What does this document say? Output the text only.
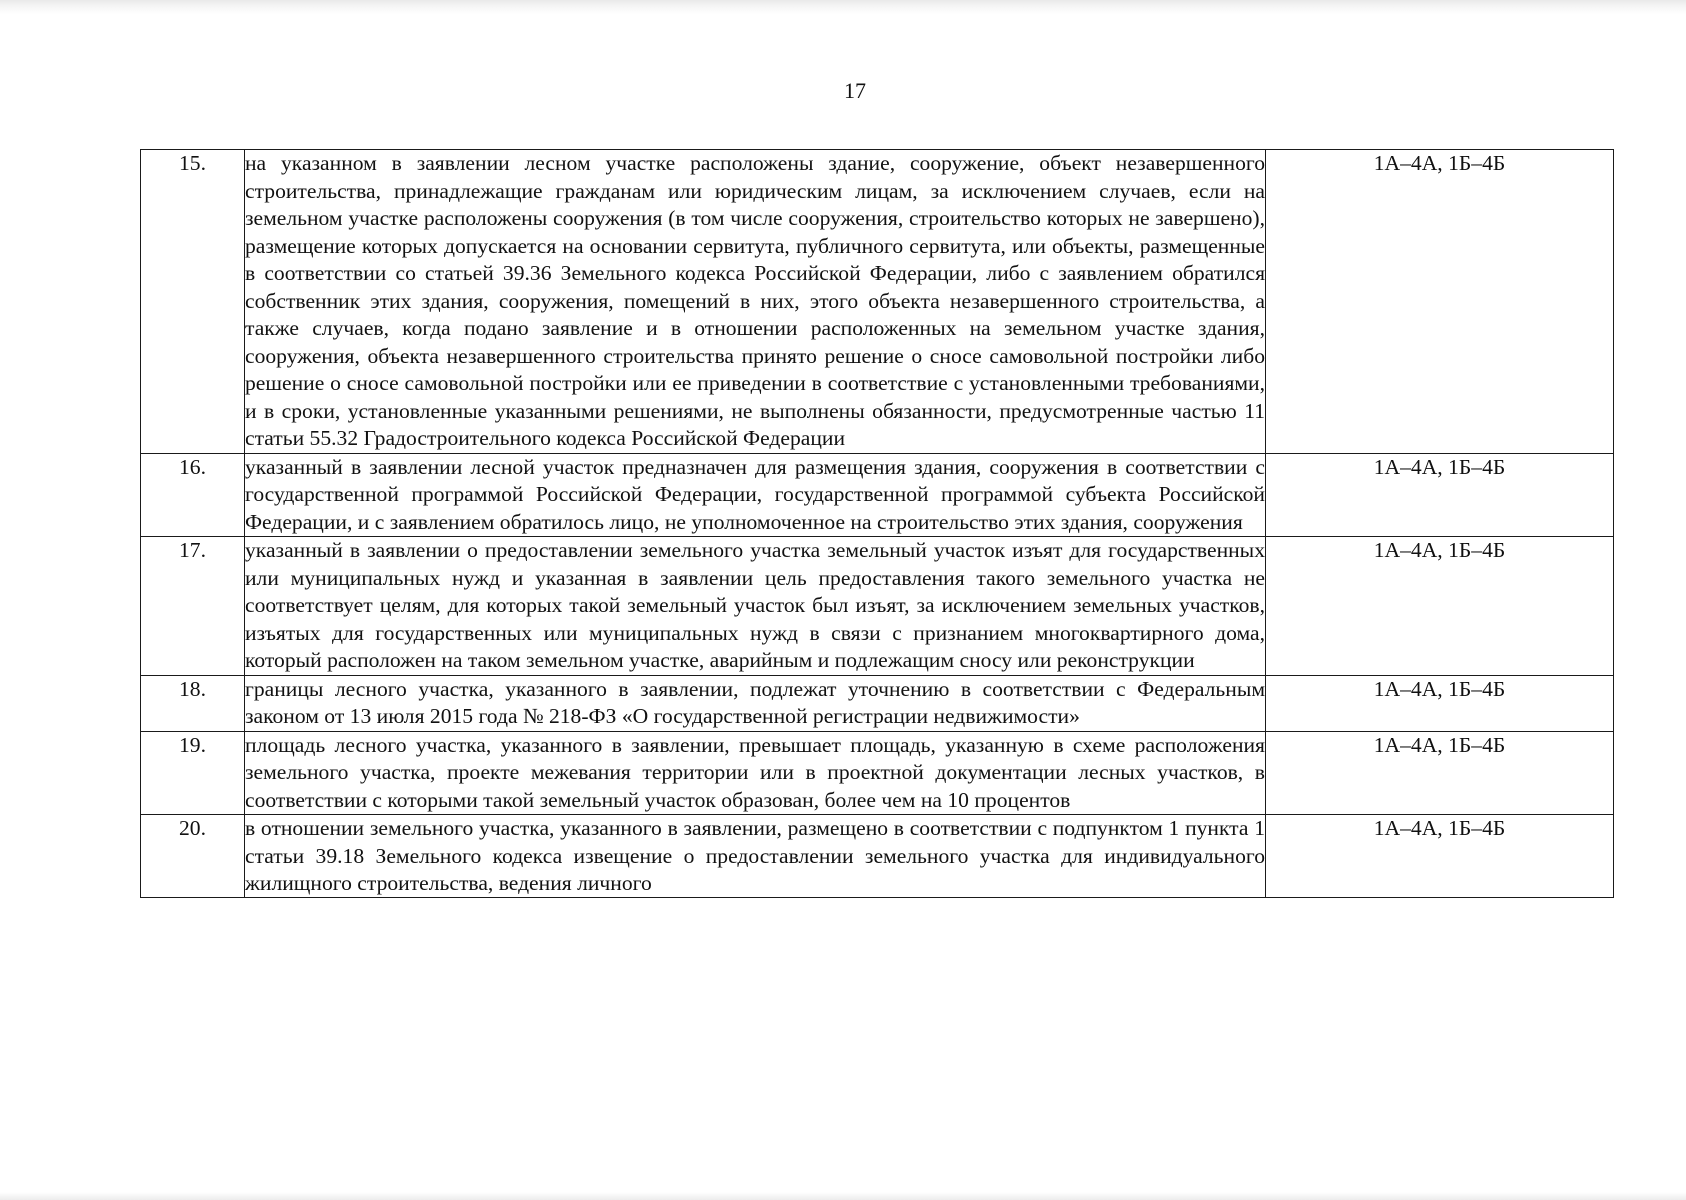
17
15.	на указанном в заявлении лесном участке расположены здание, сооружение, объект незавершенного строительства, принадлежащие гражданам или юридическим лицам, за исключением случаев, если на земельном участке расположены сооружения (в том числе сооружения, строительство которых не завершено), размещение которых допускается на основании сервитута, публичного сервитута, или объекты, размещенные в соответствии со статьей 39.36 Земельного кодекса Российской Федерации, либо с заявлением обратился собственник этих здания, сооружения, помещений в них, этого объекта незавершенного строительства, а также случаев, когда подано заявление и в отношении расположенных на земельном участке здания, сооружения, объекта незавершенного строительства принято решение о сносе самовольной постройки либо решение о сносе самовольной постройки или ее приведении в соответствие с установленными требованиями, и в сроки, установленные указанными решениями, не выполнены обязанности, предусмотренные частью 11 статьи 55.32 Градостроительного кодекса Российской Федерации	1А–4А, 1Б–4Б
16.	указанный в заявлении лесной участок предназначен для размещения здания, сооружения в соответствии с государственной программой Российской Федерации, государственной программой субъекта Российской Федерации, и с заявлением обратилось лицо, не уполномоченное на строительство этих здания, сооружения	1А–4А, 1Б–4Б
17.	указанный в заявлении о предоставлении земельного участка земельный участок изъят для государственных или муниципальных нужд и указанная в заявлении цель предоставления такого земельного участка не соответствует целям, для которых такой земельный участок был изъят, за исключением земельных участков, изъятых для государственных или муниципальных нужд в связи с признанием многоквартирного дома, который расположен на таком земельном участке, аварийным и подлежащим сносу или реконструкции	1А–4А, 1Б–4Б
18.	границы лесного участка, указанного в заявлении, подлежат уточнению в соответствии с Федеральным законом от 13 июля 2015 года № 218-ФЗ «О государственной регистрации недвижимости»	1А–4А, 1Б–4Б
19.	площадь лесного участка, указанного в заявлении, превышает площадь, указанную в схеме расположения земельного участка, проекте межевания территории или в проектной документации лесных участков, в соответствии с которыми такой земельный участок образован, более чем на 10 процентов	1А–4А, 1Б–4Б
20.	в отношении земельного участка, указанного в заявлении, размещено в соответствии с подпунктом 1 пункта 1 статьи 39.18 Земельного кодекса извещение о предоставлении земельного участка для индивидуального жилищного строительства, ведения личного	1А–4А, 1Б–4Б
